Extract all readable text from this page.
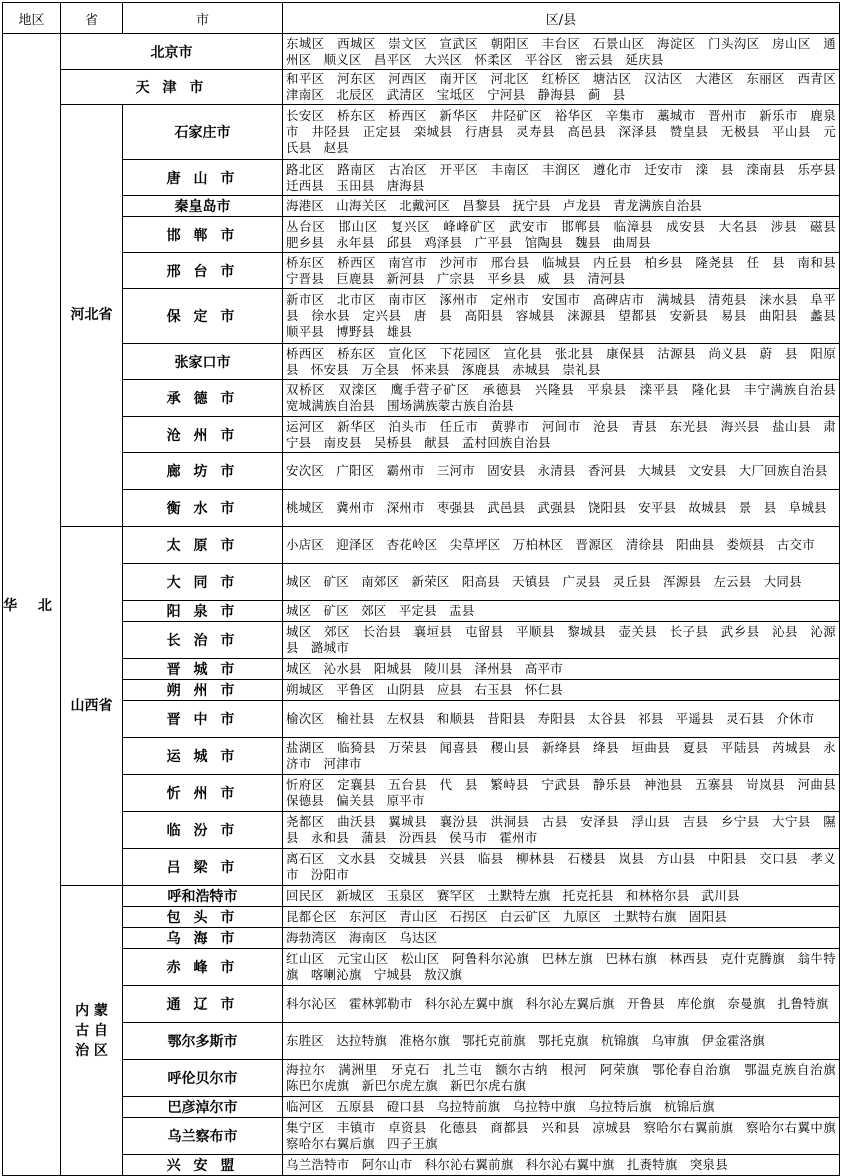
地区	省	市	区/县
华 北	北京市		东城区 西城区 崇文区 宣武区 朝阳区 丰台区 石景山区 海淀区 门头沟区 房山区 通州区 顺义区 昌平区 大兴区 怀柔区 平谷区 密云县 延庆县
	天 津 市		和平区 河东区 河西区 南开区 河北区 红桥区 塘沽区 汉沽区 大港区 东丽区 西青区 津南区 北辰区 武清区 宝坻区 宁河县 静海县 蓟 县
	河北省	石家庄市	长安区 桥东区 桥西区 新华区 井陉矿区 裕华区 辛集市 藁城市 晋州市 新乐市 鹿泉市 井陉县 正定县 栾城县 行唐县 灵寿县 高邑县 深泽县 赞皇县 无极县 平山县 元氏县 赵县
		唐 山 市	路北区 路南区 古冶区 开平区 丰南区 丰润区 遵化市 迁安市 滦 县 滦南县 乐亭县 迁西县 玉田县 唐海县
		秦皇岛市	海港区 山海关区 北戴河区 昌黎县 抚宁县 卢龙县 青龙满族自治县
		邯 郸 市	丛台区 邯山区 复兴区 峰峰矿区 武安市 邯郸县 临漳县 成安县 大名县 涉县 磁县 肥乡县 永年县 邱县 鸡泽县 广平县 馆陶县 魏县 曲周县
		邢 台 市	桥东区 桥西区 南宫市 沙河市 邢台县 临城县 内丘县 柏乡县 隆尧县 任 县 南和县 宁晋县 巨鹿县 新河县 广宗县 平乡县 威 县 清河县
		保 定 市	新市区 北市区 南市区 涿州市 定州市 安国市 高碑店市 满城县 清苑县 涞水县 阜平县 徐水县 定兴县 唐 县 高阳县 容城县 涞源县 望都县 安新县 易县 曲阳县 蠡县 顺平县 博野县 雄县
		张家口市	桥西区 桥东区 宣化区 下花园区 宣化县 张北县 康保县 沽源县 尚义县 蔚 县 阳原县 怀安县 万全县 怀来县 涿鹿县 赤城县 崇礼县
		承 德 市	双桥区 双滦区 鹰手营子矿区 承德县 兴隆县 平泉县 滦平县 隆化县 丰宁满族自治县 宽城满族自治县 围场满族蒙古族自治县
		沧 州 市	运河区 新华区 泊头市 任丘市 黄骅市 河间市 沧县 青县 东光县 海兴县 盐山县 肃宁县 南皮县 吴桥县 献县 孟村回族自治县
		廊 坊 市	安次区 广阳区 霸州市 三河市 固安县 永清县 香河县 大城县 文安县 大厂回族自治县
		衡 水 市	桃城区 冀州市 深州市 枣强县 武邑县 武强县 饶阳县 安平县 故城县 景 县 阜城县
	山西省	太 原 市	小店区 迎泽区 杏花岭区 尖草坪区 万柏林区 晋源区 清徐县 阳曲县 娄烦县 古交市
		大 同 市	城区 矿区 南郊区 新荣区 阳高县 天镇县 广灵县 灵丘县 浑源县 左云县 大同县
		阳 泉 市	城区 矿区 郊区 平定县 盂县
		长 治 市	城区 郊区 长治县 襄垣县 屯留县 平顺县 黎城县 壶关县 长子县 武乡县 沁县 沁源县 潞城市
		晋 城 市	城区 沁水县 阳城县 陵川县 泽州县 高平市
		朔 州 市	朔城区 平鲁区 山阴县 应县 右玉县 怀仁县
		晋 中 市	榆次区 榆社县 左权县 和顺县 昔阳县 寿阳县 太谷县 祁县 平遥县 灵石县 介休市
		运 城 市	盐湖区 临猗县 万荣县 闻喜县 稷山县 新绛县 绛县 垣曲县 夏县 平陆县 芮城县 永济市 河津市
		忻 州 市	忻府区 定襄县 五台县 代 县 繁峙县 宁武县 静乐县 神池县 五寨县 岢岚县 河曲县 保德县 偏关县 原平市
		临 汾 市	尧都区 曲沃县 翼城县 襄汾县 洪洞县 古县 安泽县 浮山县 吉县 乡宁县 大宁县 隰县 永和县 蒲县 汾西县 侯马市 霍州市
		吕 梁 市	离石区 文水县 交城县 兴县 临县 柳林县 石楼县 岚县 方山县 中阳县 交口县 孝义市 汾阳市
	内 蒙 古 自 治 区	呼和浩特市	回民区 新城区 玉泉区 赛罕区 土默特左旗 托克托县 和林格尔县 武川县
		包 头 市	昆都仑区 东河区 青山区 石拐区 白云矿区 九原区 土默特右旗 固阳县
		乌 海 市	海勃湾区 海南区 乌达区
		赤 峰 市	红山区 元宝山区 松山区 阿鲁科尔沁旗 巴林左旗 巴林右旗 林西县 克什克腾旗 翁牛特旗 喀喇沁旗 宁城县 敖汉旗
		通 辽 市	科尔沁区 霍林郭勒市 科尔沁左翼中旗 科尔沁左翼后旗 开鲁县 库伦旗 奈曼旗 扎鲁特旗
		鄂尔多斯市	东胜区 达拉特旗 准格尔旗 鄂托克前旗 鄂托克旗 杭锦旗 乌审旗 伊金霍洛旗
		呼伦贝尔市	海拉尔 满洲里 牙克石 扎兰屯 额尔古纳 根河 阿荣旗 鄂伦春自治旗 鄂温克族自治旗 陈巴尔虎旗 新巴尔虎左旗 新巴尔虎右旗
		巴彦淖尔市	临河区 五原县 磴口县 乌拉特前旗 乌拉特中旗 乌拉特后旗 杭锦后旗
		乌兰察布市	集宁区 丰镇市 卓资县 化德县 商都县 兴和县 凉城县 察哈尔右翼前旗 察哈尔右翼中旗 察哈尔右翼后旗 四子王旗
		兴 安 盟	乌兰浩特市 阿尔山市 科尔沁右翼前旗 科尔沁右翼中旗 扎赉特旗 突泉县
